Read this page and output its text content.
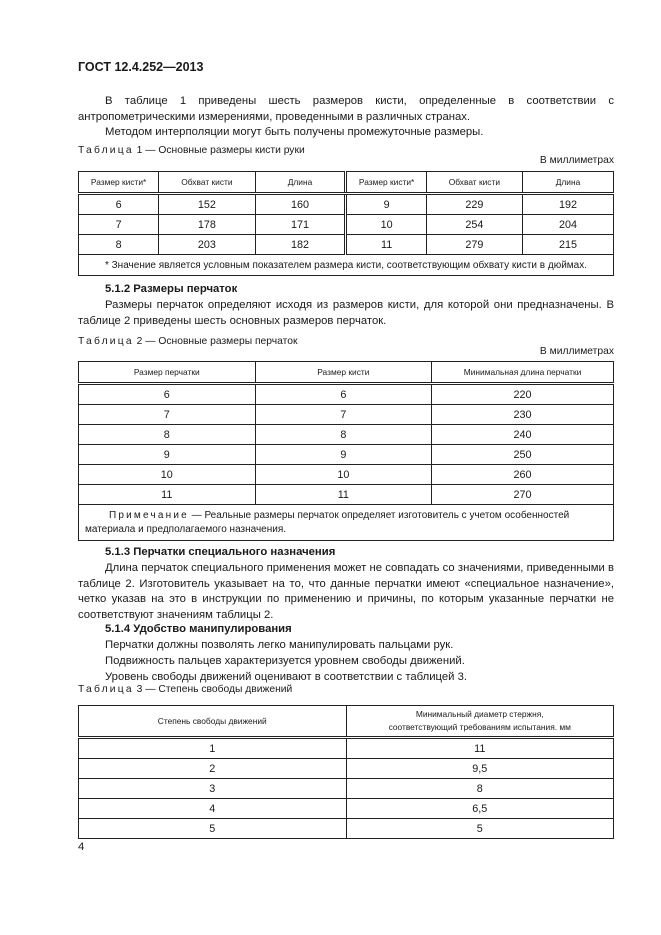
ГОСТ 12.4.252—2013
В таблице 1 приведены шесть размеров кисти, определенные в соответствии с антропометрическими измерениями, проведенными в различных странах.
Методом интерполяции могут быть получены промежуточные размеры.
Таблица 1 — Основные размеры кисти руки
В миллиметрах
Размер кисти*	Обхват кисти	Длина	Размер кисти*	Обхват кисти	Длина
6	152	160	9	229	192
7	178	171	10	254	204
8	203	182	11	279	215
* Значение является условным показателем размера кисти, соответствующим обхвату кисти в дюймах.					
5.1.2 Размеры перчаток
Размеры перчаток определяют исходя из размеров кисти, для которой они предназначены. В таблице 2 приведены шесть основных размеров перчаток.
Таблица 2 — Основные размеры перчаток
В миллиметрах
Размер перчатки	Размер кисти	Минимальная длина перчатки
6	6	220
7	7	230
8	8	240
9	9	250
10	10	260
11	11	270
Примечание — Реальные размеры перчаток определяет изготовитель с учетом особенностей материала и предполагаемого назначения.		
5.1.3 Перчатки специального назначения
Длина перчаток специального применения может не совпадать со значениями, приведенными в таблице 2. Изготовитель указывает на то, что данные перчатки имеют «специальное назначение», четко указав на это в инструкции по применению и причины, по которым указанные перчатки не соответствуют значениям таблицы 2.
5.1.4 Удобство манипулирования
Перчатки должны позволять легко манипулировать пальцами рук.
Подвижность пальцев характеризуется уровнем свободы движений.
Уровень свободы движений оценивают в соответствии с таблицей 3.
Таблица 3 — Степень свободы движений
Степень свободы движений	Минимальный диаметр стержня,
соответствующий требованиям испытания. мм
1	11
2	9,5
3	8
4	6,5
5	5
4
